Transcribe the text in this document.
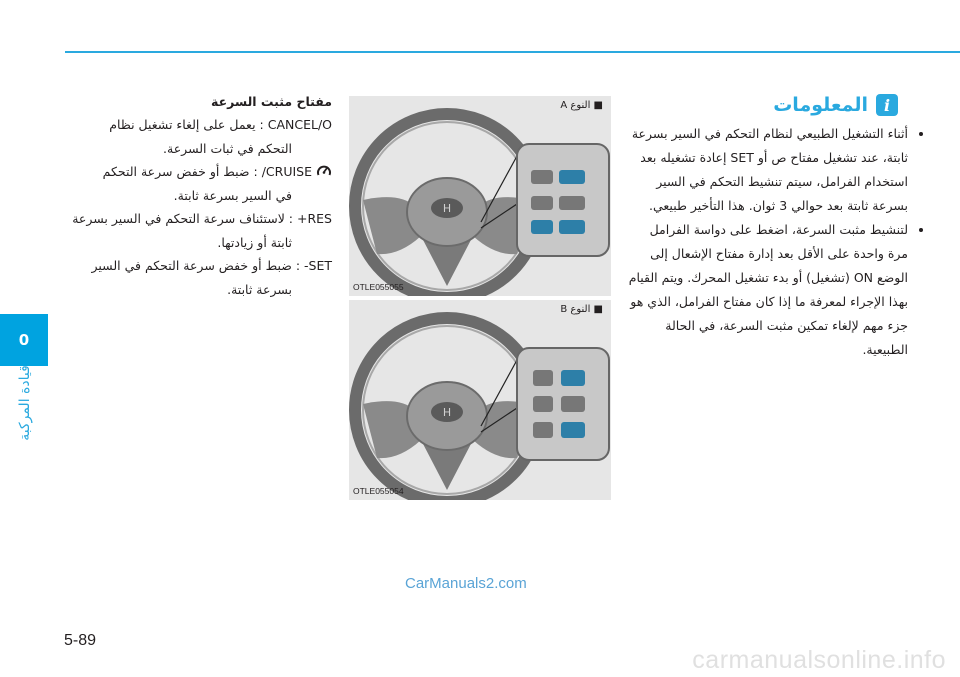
0
قيادة المركبة
i
المعلومات
• أثناء التشغيل الطبيعي لنظام التحكم في السير بسرعة ثابتة، عند تشغيل مفتاح ص أو SET إعادة تشغيله بعد استخدام الفرامل، سيتم تنشيط التحكم في السير بسرعة ثابتة بعد حوالي 3 ثوان. هذا التأخير طبيعي.
• لتنشيط مثبت السرعة، اضغط على دواسة الفرامل مرة واحدة على الأقل بعد إدارة مفتاح الإشعال إلى الوضع ON (تشغيل) أو بدء تشغيل المحرك. ويتم القيام بهذا الإجراء لمعرفة ما إذا كان مفتاح الفرامل، الذي هو جزء مهم لإلغاء تمكين مثبت السرعة، في الحالة الطبيعية.
H
■ النوع A
OTLE055055
H
■ النوع B
OTLE055054

مفتاح مثبت السرعة

CANCEL/O : يعمل على إلغاء تشغيل نظام
التحكم في ثبات السرعة.

CRUISE/ : ضبط أو خفض سرعة التحكم
في السير بسرعة ثابتة.

RES+ : لاستئناف سرعة التحكم في السير بسرعة
ثابتة أو زيادتها.

SET- : ضبط أو خفض سرعة التحكم في السير
بسرعة ثابتة.

CarManuals2.com
5-89
carmanualsonline.info
